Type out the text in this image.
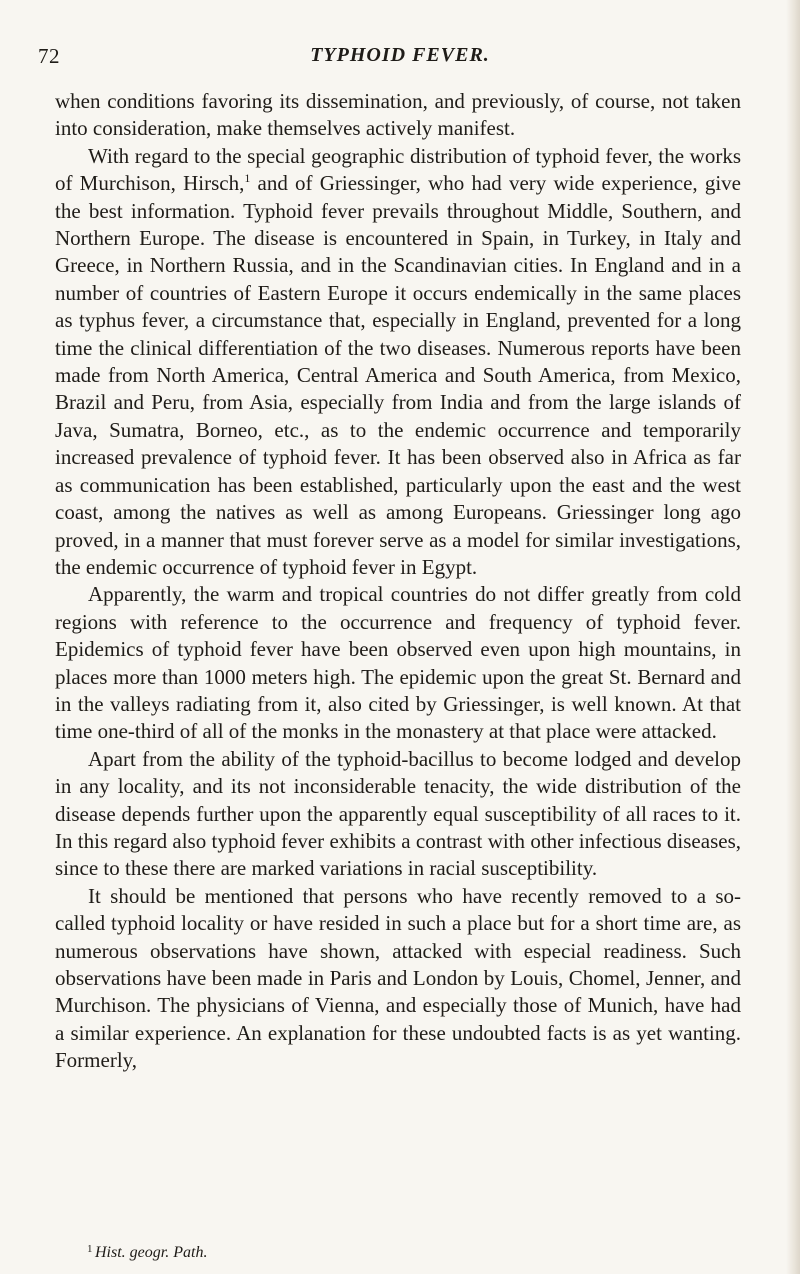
72	TYPHOID FEVER.

when conditions favoring its dissemination, and previously, of course, not taken into consideration, make themselves actively manifest.

With regard to the special geographic distribution of typhoid fever, the works of Murchison, Hirsch,$^1$ and of Griessinger, who had very wide experience, give the best information. Typhoid fever prevails throughout Middle, Southern, and Northern Europe. The disease is encountered in Spain, in Turkey, in Italy and Greece, in Northern Russia, and in the Scandinavian cities. In England and in a number of countries of Eastern Europe it occurs endemically in the same places as typhus fever, a circumstance that, especially in England, prevented for a long time the clinical differentiation of the two diseases. Numerous reports have been made from North America, Central America and South America, from Mexico, Brazil and Peru, from Asia, especially from India and from the large islands of Java, Sumatra, Borneo, etc., as to the endemic occurrence and temporarily increased prevalence of typhoid fever. It has been observed also in Africa as far as communication has been established, particularly upon the east and the west coast, among the natives as well as among Europeans. Griessinger long ago proved, in a manner that must forever serve as a model for similar investigations, the endemic occurrence of typhoid fever in Egypt.

Apparently, the warm and tropical countries do not differ greatly from cold regions with reference to the occurrence and frequency of typhoid fever. Epidemics of typhoid fever have been observed even upon high mountains, in places more than 1000 meters high. The epidemic upon the great St. Bernard and in the valleys radiating from it, also cited by Griessinger, is well known. At that time one-third of all of the monks in the monastery at that place were attacked.

Apart from the ability of the typhoid-bacillus to become lodged and develop in any locality, and its not inconsiderable tenacity, the wide distribution of the disease depends further upon the apparently equal susceptibility of all races to it. In this regard also typhoid fever exhibits a contrast with other infectious diseases, since to these there are marked variations in racial susceptibility.

It should be mentioned that persons who have recently removed to a so-called typhoid locality or have resided in such a place but for a short time are, as numerous observations have shown, attacked with especial readiness. Such observations have been made in Paris and London by Louis, Chomel, Jenner, and Murchison. The physicians of Vienna, and especially those of Munich, have had a similar experience. An explanation for these undoubted facts is as yet wanting. Formerly,

1 Hist. geogr. Path.
